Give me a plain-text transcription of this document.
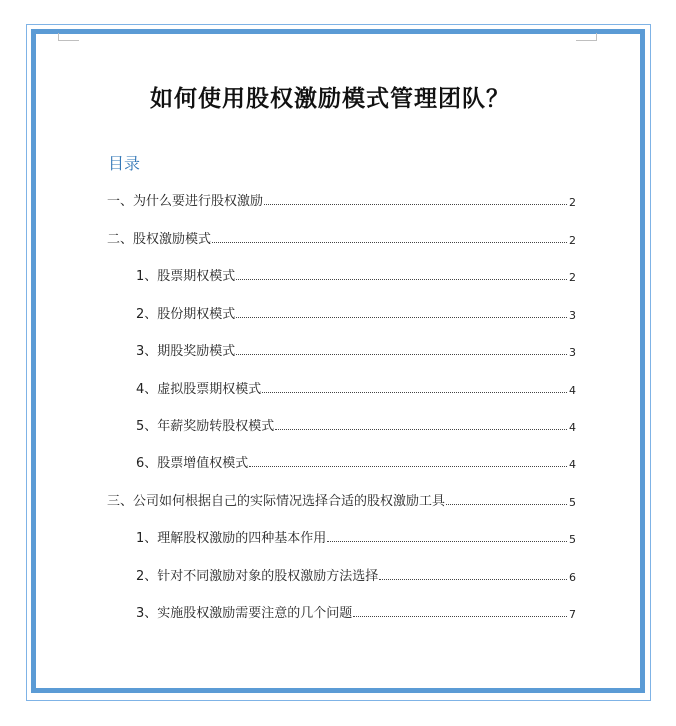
如何使用股权激励模式管理团队？
目录
一、为什么要进行股权激励	2
二、股权激励模式	2
1、股票期权模式	2
2、股份期权模式	3
3、期股奖励模式	3
4、虚拟股票期权模式	4
5、年薪奖励转股权模式	4
6、股票增值权模式	4
三、公司如何根据自己的实际情况选择合适的股权激励工具	5
1、理解股权激励的四种基本作用	5
2、针对不同激励对象的股权激励方法选择	6
3、实施股权激励需要注意的几个问题	7
